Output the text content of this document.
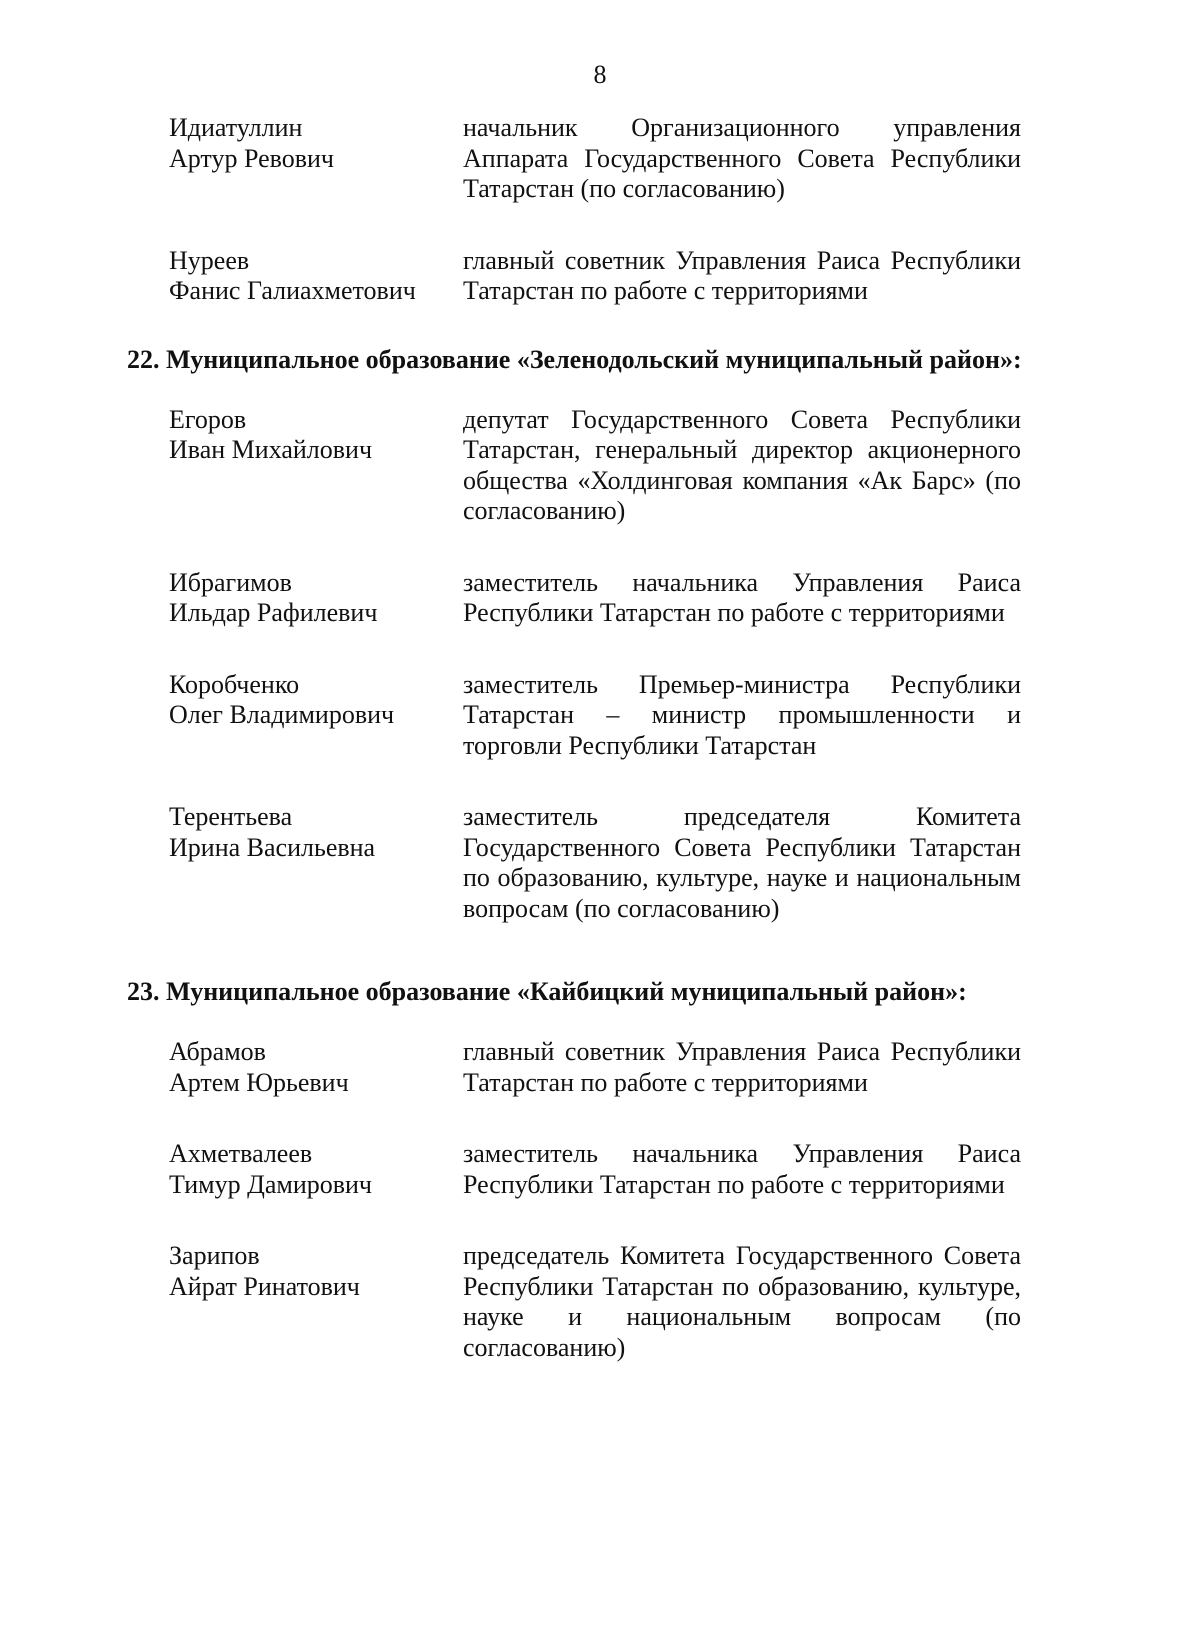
8
Идиатуллин
Артур Ревович
начальник Организационного управления Аппарата Государственного Совета Республики Татарстан (по согласованию)
Нуреев
Фанис Галиахметович
главный советник Управления Раиса Республики Татарстан по работе с территориями
22. Муниципальное образование «Зеленодольский муниципальный район»:
Егоров
Иван Михайлович
депутат Государственного Совета Республики Татарстан, генеральный директор акционерного общества «Холдинговая компания «Ак Барс» (по согласованию)
Ибрагимов
Ильдар Рафилевич
заместитель начальника Управления Раиса Республики Татарстан по работе с территориями
Коробченко
Олег Владимирович
заместитель Премьер-министра Республики Татарстан – министр промышленности и торговли Республики Татарстан
Терентьева
Ирина Васильевна
заместитель председателя Комитета Государственного Совета Республики Татарстан по образованию, культуре, науке и национальным вопросам (по согласованию)
23. Муниципальное образование «Кайбицкий муниципальный район»:
Абрамов
Артем Юрьевич
главный советник Управления Раиса Республики Татарстан по работе с территориями
Ахметвалеев
Тимур Дамирович
заместитель начальника Управления Раиса Республики Татарстан по работе с территориями
Зарипов
Айрат Ринатович
председатель Комитета Государственного Совета Республики Татарстан по образованию, культуре, науке и национальным вопросам (по согласованию)
